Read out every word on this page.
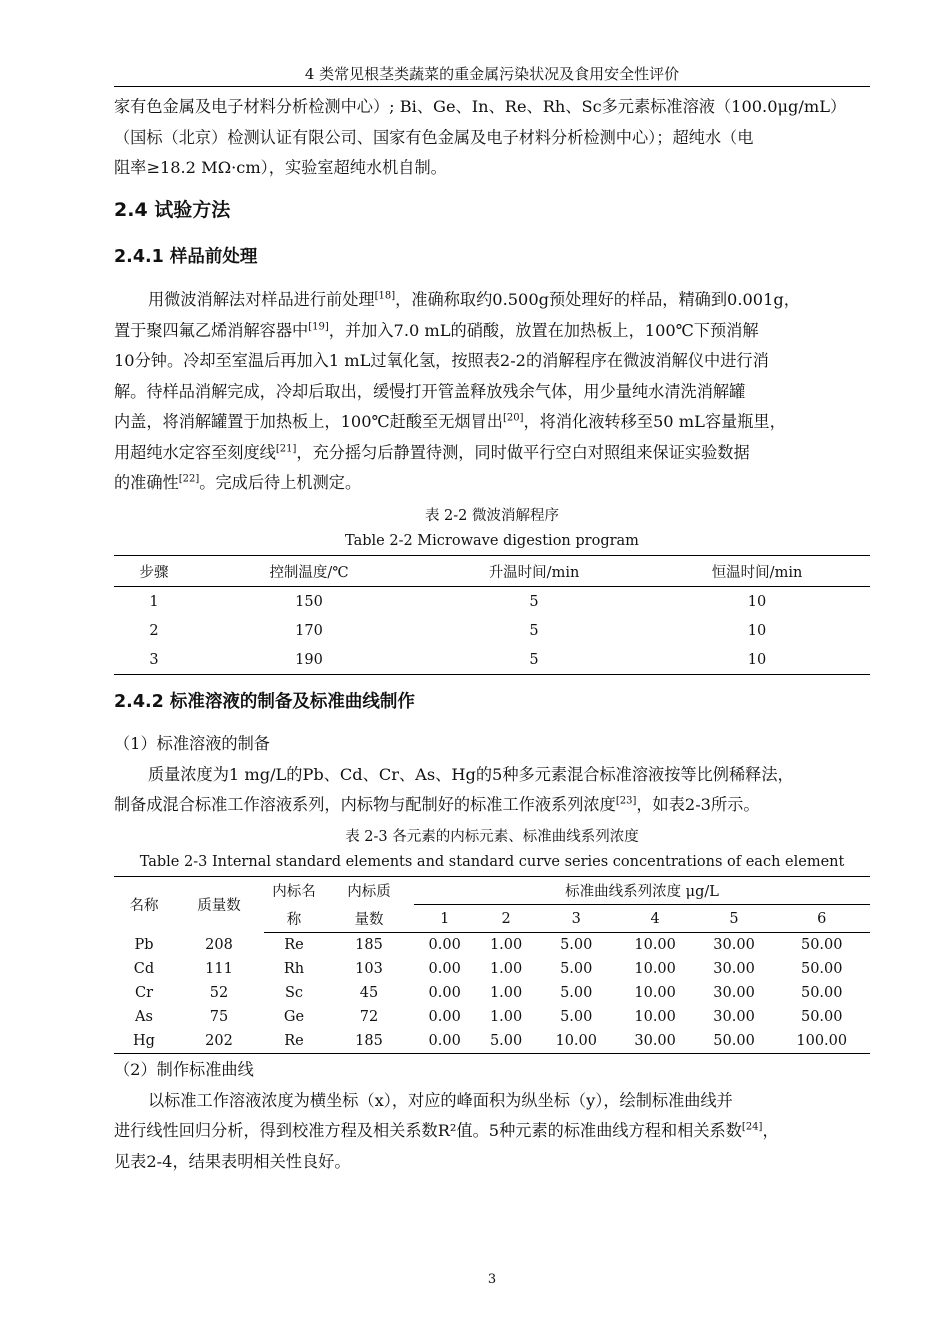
4 类常见根茎类蔬菜的重金属污染状况及食用安全性评价

家有色金属及电子材料分析检测中心）; Bi、Ge、In、Re、Rh、Sc多元素标准溶液（100.0μg/mL）

（国标（北京）检测认证有限公司、国家有色金属及电子材料分析检测中心）；超纯水（电

阻率≥18.2 MΩ·cm），实验室超纯水机自制。

2.4 试验方法
2.4.1 样品前处理

用微波消解法对样品进行前处理[18]，准确称取约0.500g预处理好的样品，精确到0.001g，

置于聚四氟乙烯消解容器中[19]，并加入7.0 mL的硝酸，放置在加热板上，100℃下预消解

10分钟。冷却至室温后再加入1 mL过氧化氢，按照表2-2的消解程序在微波消解仪中进行消

解。待样品消解完成，冷却后取出，缓慢打开管盖释放残余气体，用少量纯水清洗消解罐

内盖，将消解罐置于加热板上，100℃赶酸至无烟冒出[20]，将消化液转移至50 mL容量瓶里，

用超纯水定容至刻度线[21]，充分摇匀后静置待测，同时做平行空白对照组来保证实验数据

的准确性[22]。完成后待上机测定。

表 2-2 微波消解程序
Table 2-2 Microwave digestion program
步骤	控制温度/℃	升温时间/min	恒温时间/min
1	150	5	10
2	170	5	10
3	190	5	10
2.4.2 标准溶液的制备及标准曲线制作

（1）标准溶液的制备

质量浓度为1 mg/L的Pb、Cd、Cr、As、Hg的5种多元素混合标准溶液按等比例稀释法，

制备成混合标准工作溶液系列，内标物与配制好的标准工作液系列浓度[23]，如表2-3所示。

表 2-3 各元素的内标元素、标准曲线系列浓度
Table 2-3 Internal standard elements and standard curve series concentrations of each element
名称	质量数	内标名	内标质	标准曲线系列浓度 μg/L					
		称	量数	1	2	3	4	5	6
Pb	208	Re	185	0.00	1.00	5.00	10.00	30.00	50.00
Cd	111	Rh	103	0.00	1.00	5.00	10.00	30.00	50.00
Cr	52	Sc	45	0.00	1.00	5.00	10.00	30.00	50.00
As	75	Ge	72	0.00	1.00	5.00	10.00	30.00	50.00
Hg	202	Re	185	0.00	5.00	10.00	30.00	50.00	100.00

（2）制作标准曲线

以标准工作溶液浓度为横坐标（x），对应的峰面积为纵坐标（y），绘制标准曲线并

进行线性回归分析，得到校准方程及相关系数R²值。5种元素的标准曲线方程和相关系数[24]，

见表2-4，结果表明相关性良好。

3
